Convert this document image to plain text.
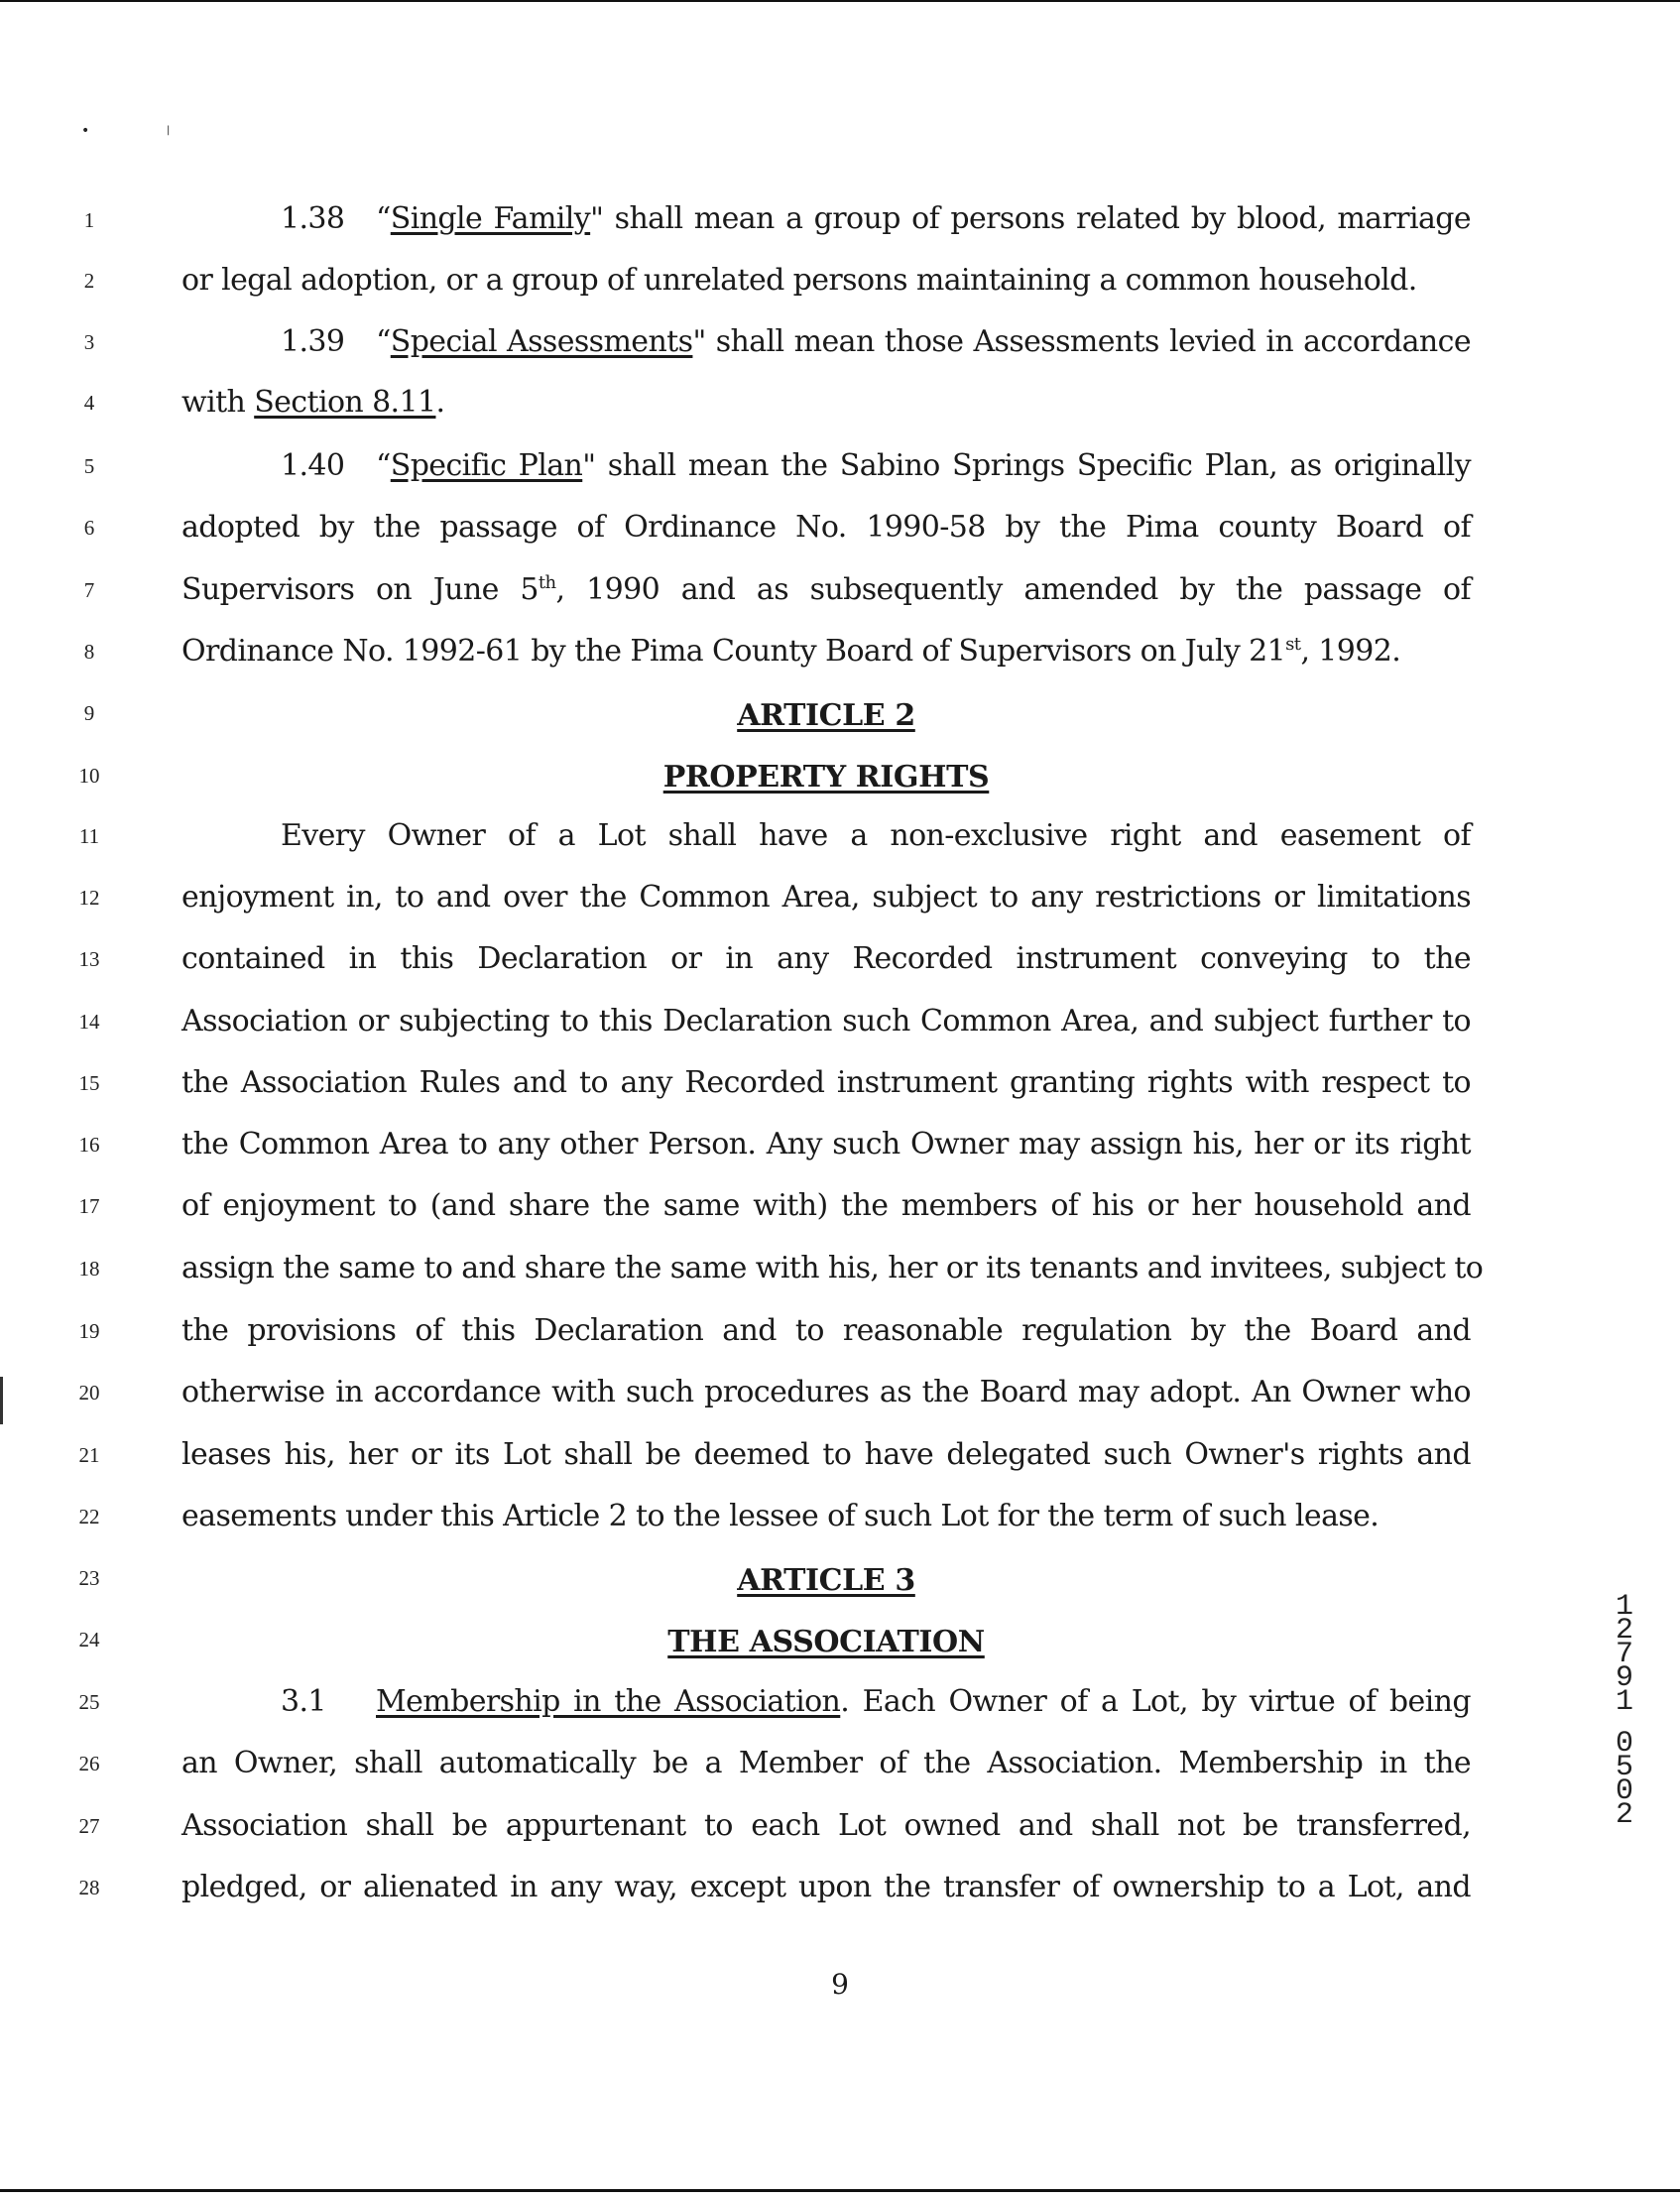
•	|
1
2
3
4
5
6
7
8
9
10
11
12
13
14
15
16
17
18
19
20
21
22
23
24
25
26
27
28
1.38 “Single Family" shall mean a group of persons related by blood, marriage
or legal adoption, or a group of unrelated persons maintaining a common household.
1.39 “Special Assessments" shall mean those Assessments levied in accordance
with Section 8.11.
1.40 “Specific Plan" shall mean the Sabino Springs Specific Plan, as originally
adopted by the passage of Ordinance No. 1990-58 by the Pima county Board of
Supervisors on June 5th, 1990 and as subsequently amended by the passage of
Ordinance No. 1992-61 by the Pima County Board of Supervisors on July 21st, 1992.
ARTICLE 2
PROPERTY RIGHTS
Every Owner of a Lot shall have a non-exclusive right and easement of
enjoyment in, to and over the Common Area, subject to any restrictions or limitations
contained in this Declaration or in any Recorded instrument conveying to the
Association or subjecting to this Declaration such Common Area, and subject further to
the Association Rules and to any Recorded instrument granting rights with respect to
the Common Area to any other Person. Any such Owner may assign his, her or its right
of enjoyment to (and share the same with) the members of his or her household and
assign the same to and share the same with his, her or its tenants and invitees, subject to
the provisions of this Declaration and to reasonable regulation by the Board and
otherwise in accordance with such procedures as the Board may adopt. An Owner who
leases his, her or its Lot shall be deemed to have delegated such Owner's rights and
easements under this Article 2 to the lessee of such Lot for the term of such lease.
ARTICLE 3
THE ASSOCIATION
3.1 Membership in the Association. Each Owner of a Lot, by virtue of being
an Owner, shall automatically be a Member of the Association. Membership in the
Association shall be appurtenant to each Lot owned and shall not be transferred,
pledged, or alienated in any way, except upon the transfer of ownership to a Lot, and
9
1
2
7
9
1
0
5
0
2
